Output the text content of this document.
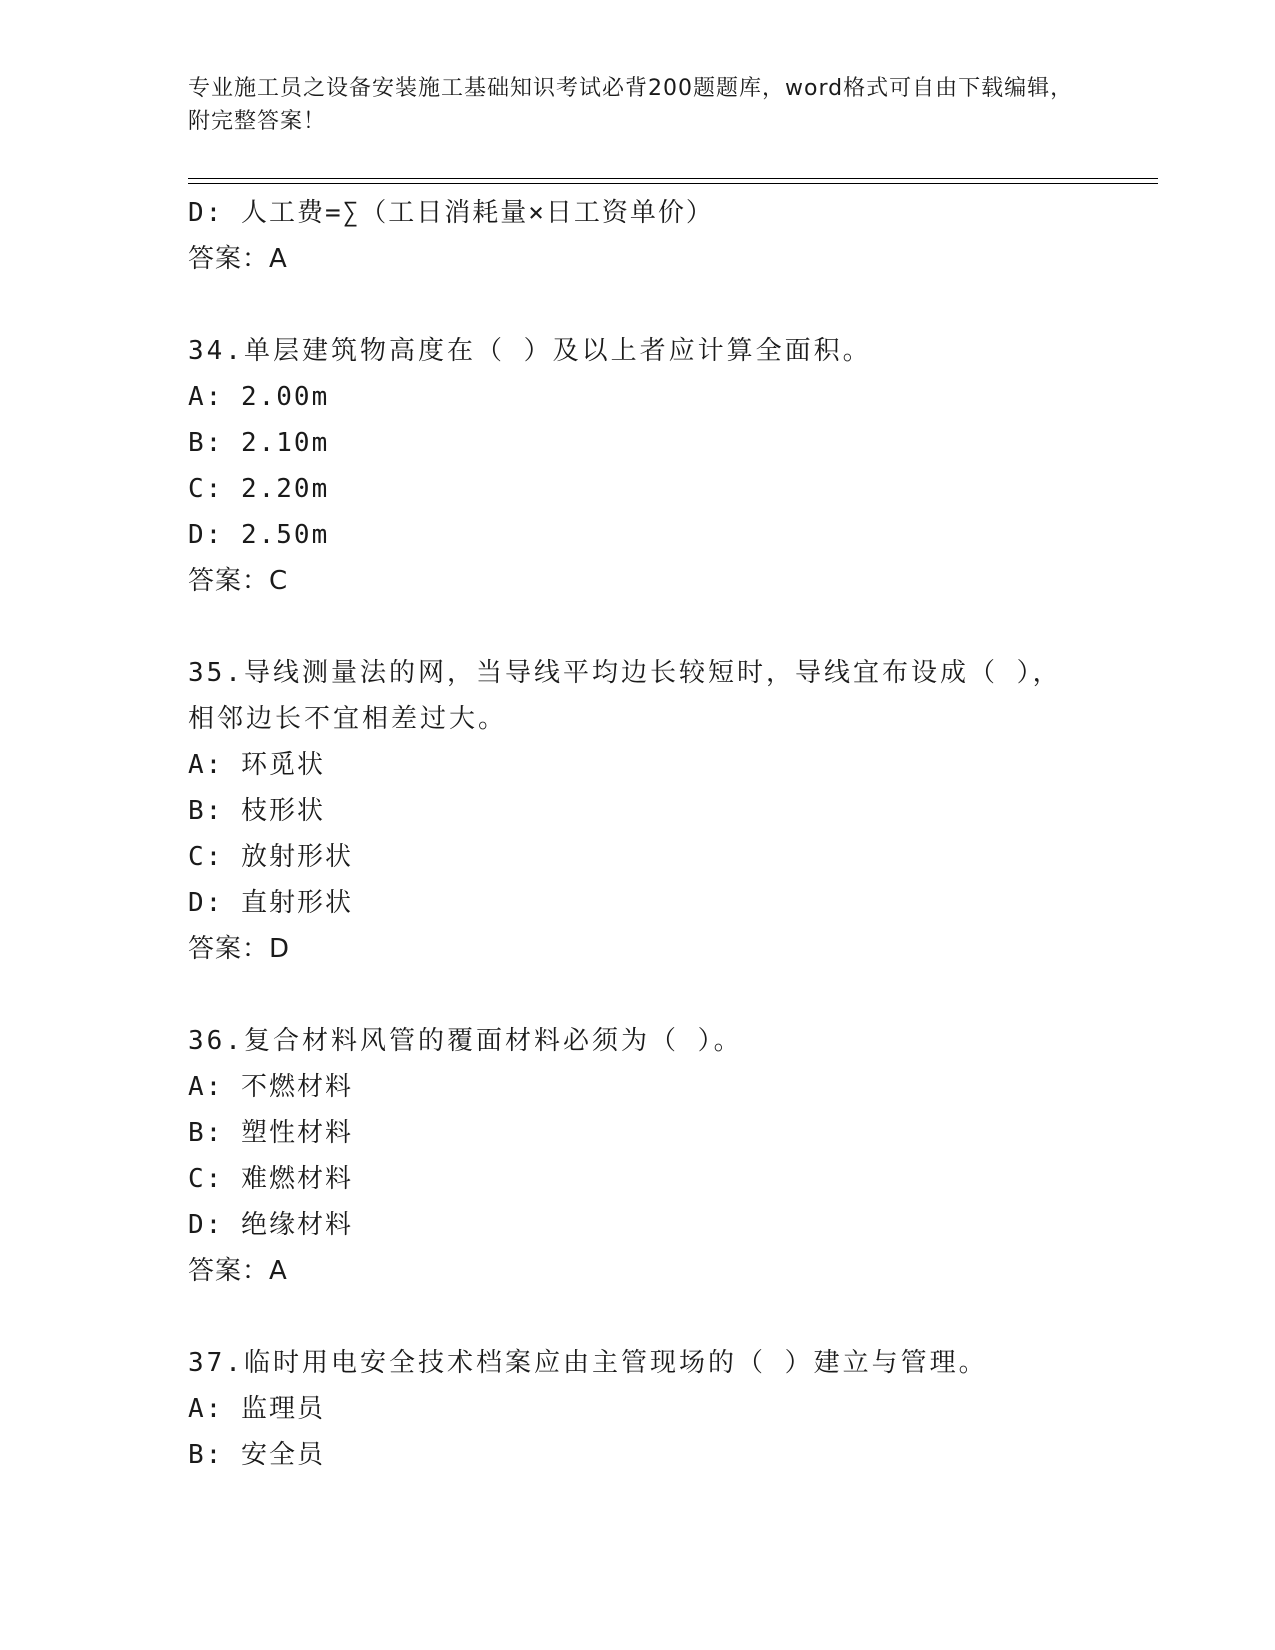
专业施工员之设备安装施工基础知识考试必背200题题库，word格式可自由下载编辑，附完整答案！
D: 人工费=∑（工日消耗量×日工资单价）
答案：A
34.单层建筑物高度在（ ）及以上者应计算全面积。
A: 2.00m
B: 2.10m
C: 2.20m
D: 2.50m
答案：C
35.导线测量法的网，当导线平均边长较短时，导线宜布设成（ ），相邻边长不宜相差过大。
A: 环觅状
B: 枝形状
C: 放射形状
D: 直射形状
答案：D
36.复合材料风管的覆面材料必须为（ ）。
A: 不燃材料
B: 塑性材料
C: 难燃材料
D: 绝缘材料
答案：A
37.临时用电安全技术档案应由主管现场的（ ）建立与管理。
A: 监理员
B: 安全员
